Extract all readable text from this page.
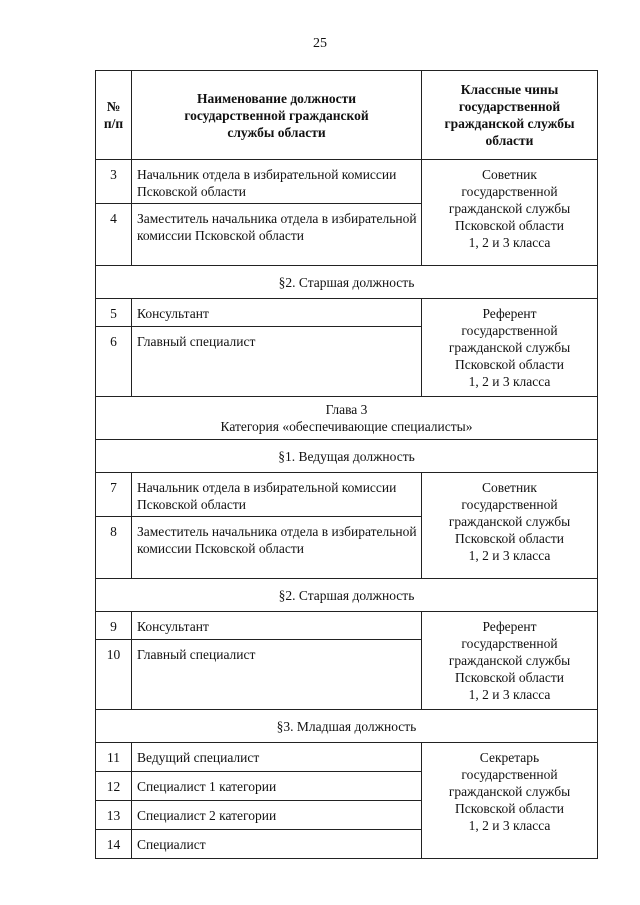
25
№
п/п	Наименование должности государственной гражданской службы области	Классные чины государственной гражданской службы области
3	Начальник отдела в избирательной комиссии Псковской области	Советник
государственной
гражданской службы
Псковской области
1, 2 и 3 класса

4	Заместитель начальника отдела в избирательной комиссии Псковской области	
§2. Старшая должность		
5	Консультант	Референт
государственной
гражданской службы
Псковской области
1, 2 и 3 класса

6	Главный специалист	

Глава 3
Категория «обеспечивающие специалисты»		

§1. Ведущая должность		
7	Начальник отдела в избирательной комиссии Псковской области	Советник
государственной
гражданской службы
Псковской области
1, 2 и 3 класса

8	Заместитель начальника отдела в избирательной комиссии Псковской области	
§2. Старшая должность		
9	Консультант	Референт
государственной
гражданской службы
Псковской области
1, 2 и 3 класса

10	Главный специалист	
§3. Младшая должность		
11	Ведущий специалист	Секретарь
государственной
гражданской службы
Псковской области
1, 2 и 3 класса

12	Специалист 1 категории	
13	Специалист 2 категории	
14	Специалист	
